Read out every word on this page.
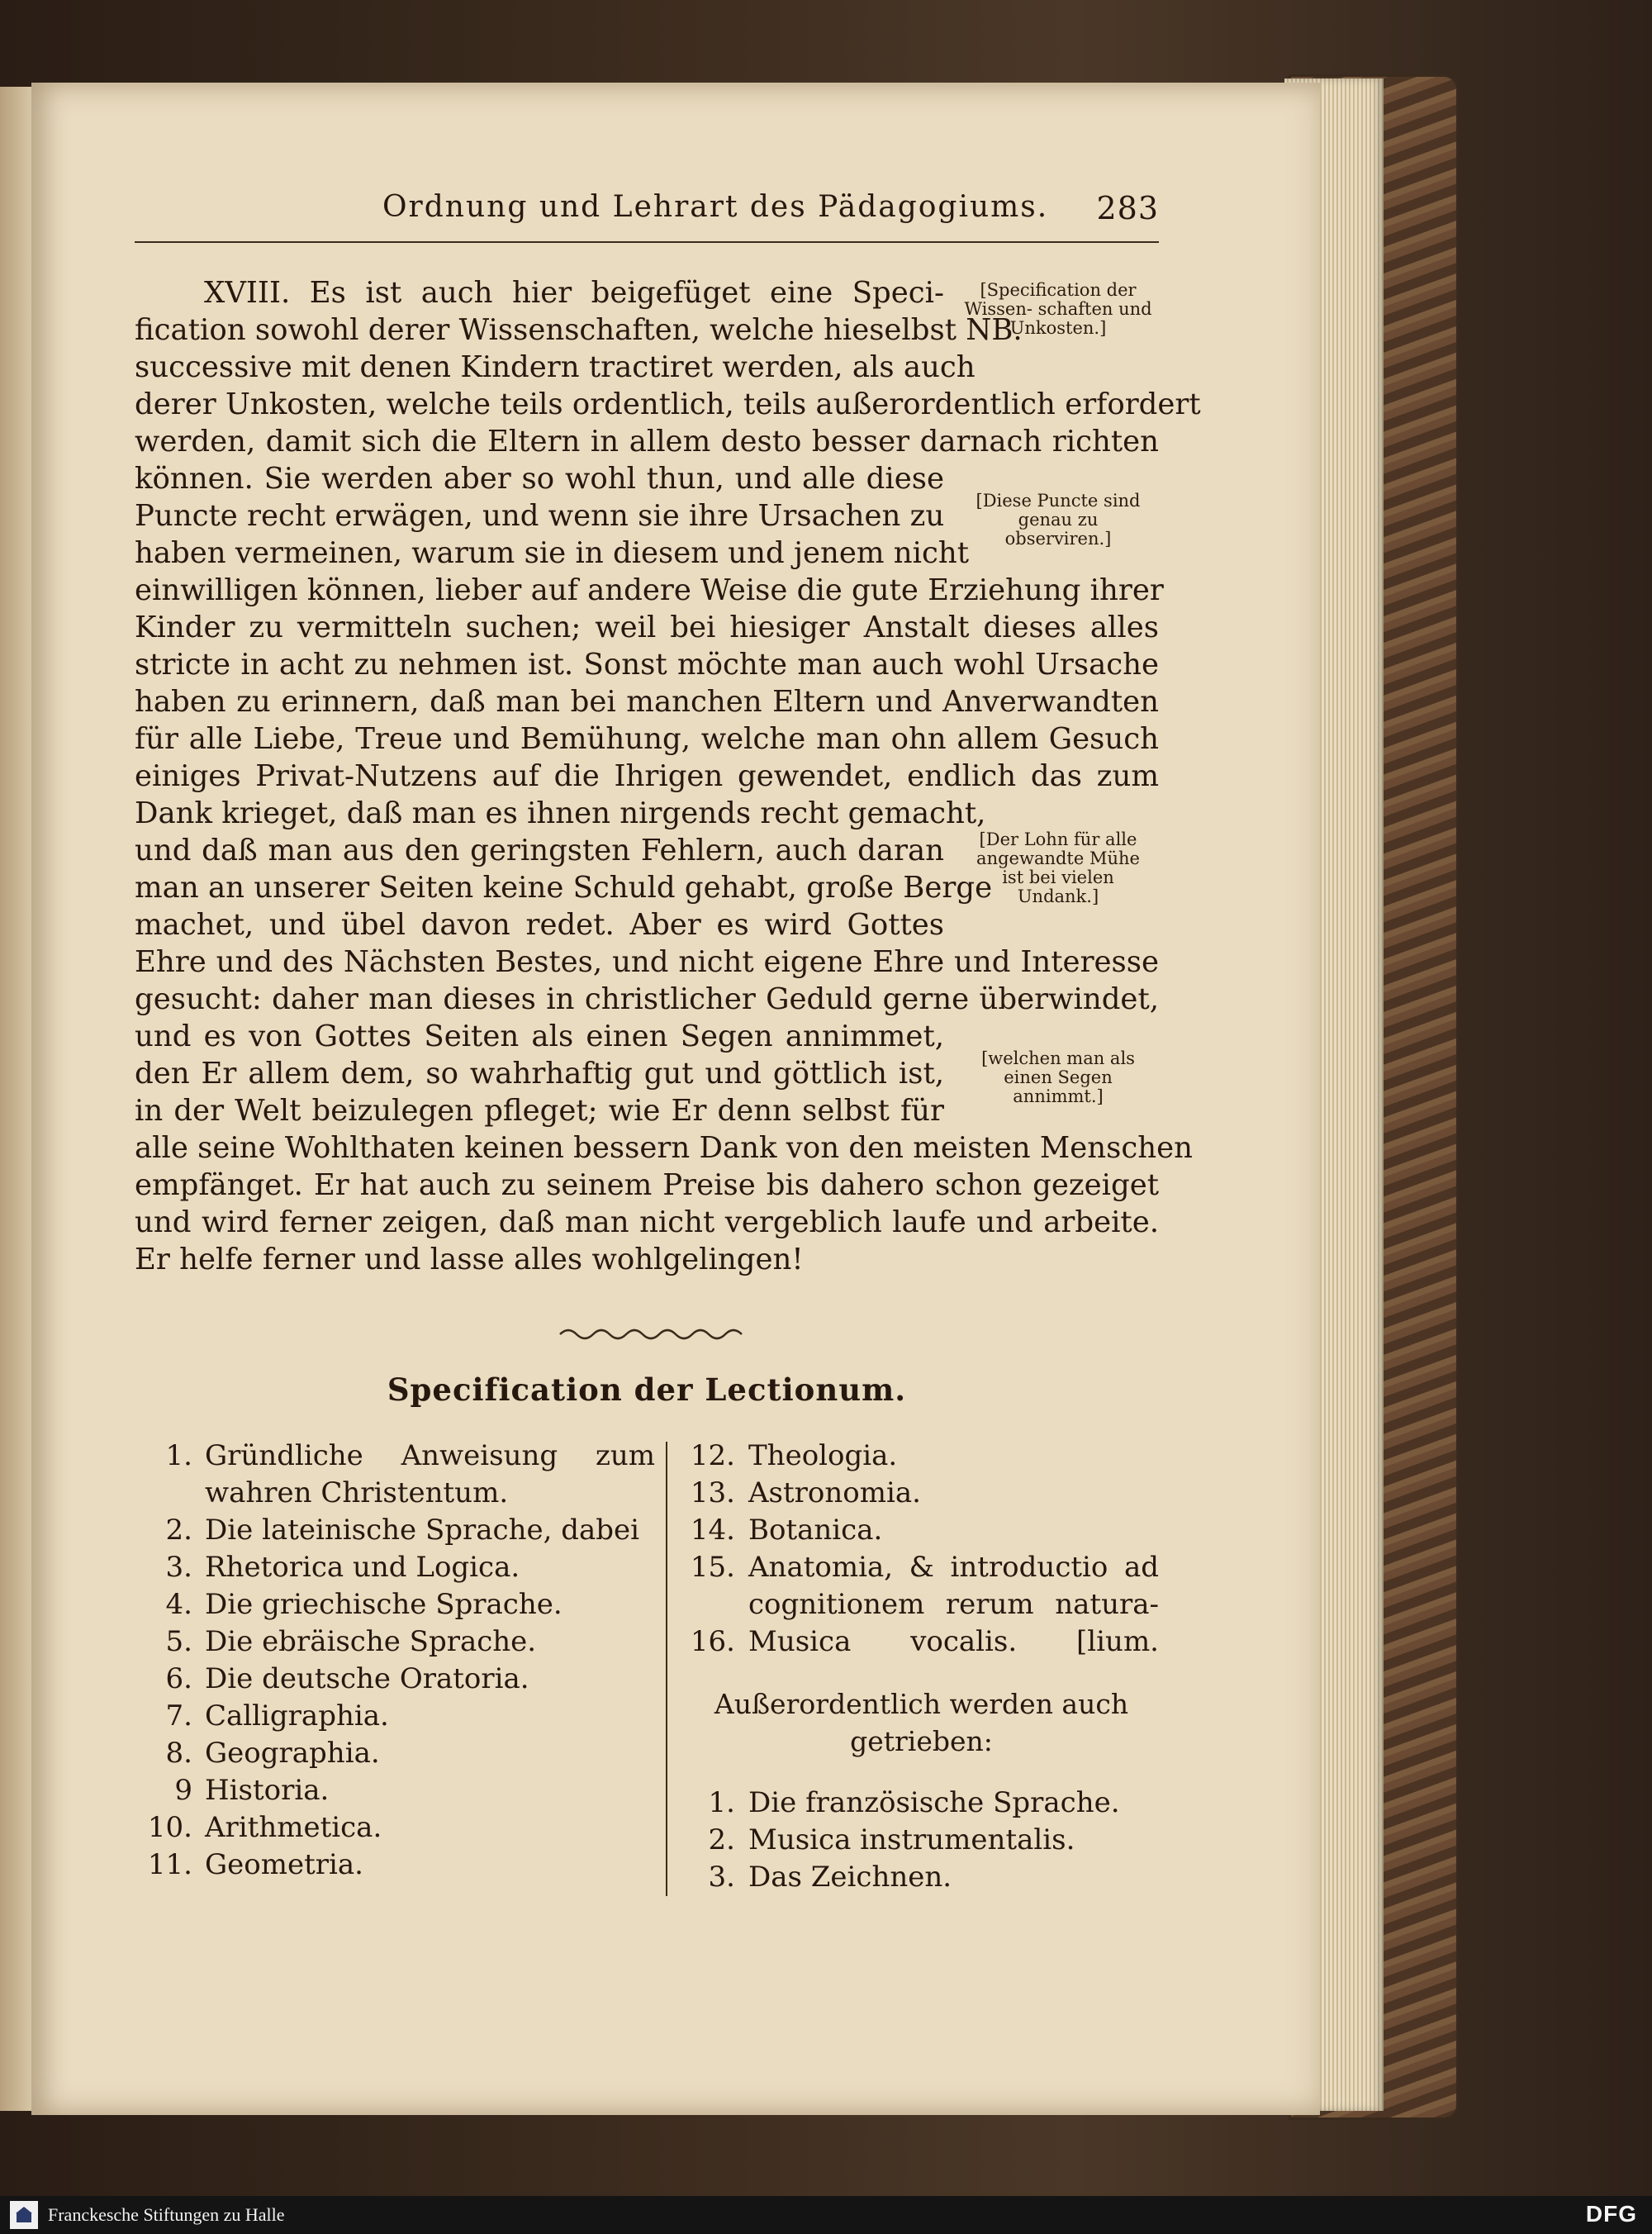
Ordnung und Lehrart des Pädagogiums. 283
XVIII. Es ist auch hier beigefüget eine Speci-
fication sowohl derer Wissenschaften, welche hieselbst NB.
successive mit denen Kindern tractiret werden, als auch
derer Unkosten, welche teils ordentlich, teils außerordentlich erfordert
werden, damit sich die Eltern in allem desto besser darnach richten
können. Sie werden aber so wohl thun, und alle diese
Puncte recht erwägen, und wenn sie ihre Ursachen zu
haben vermeinen, warum sie in diesem und jenem nicht
einwilligen können, lieber auf andere Weise die gute Erziehung ihrer
Kinder zu vermitteln suchen; weil bei hiesiger Anstalt dieses alles
stricte in acht zu nehmen ist. Sonst möchte man auch wohl Ursache
haben zu erinnern, daß man bei manchen Eltern und Anverwandten
für alle Liebe, Treue und Bemühung, welche man ohn allem Gesuch
einiges Privat-Nutzens auf die Ihrigen gewendet, endlich das zum
Dank krieget, daß man es ihnen nirgends recht gemacht,
und daß man aus den geringsten Fehlern, auch daran
man an unserer Seiten keine Schuld gehabt, große Berge
machet, und übel davon redet. Aber es wird Gottes
Ehre und des Nächsten Bestes, und nicht eigene Ehre und Interesse
gesucht: daher man dieses in christlicher Geduld gerne überwindet,
und es von Gottes Seiten als einen Segen annimmet,
den Er allem dem, so wahrhaftig gut und göttlich ist,
in der Welt beizulegen pfleget; wie Er denn selbst für
alle seine Wohlthaten keinen bessern Dank von den meisten Menschen
empfänget. Er hat auch zu seinem Preise bis dahero schon gezeiget
und wird ferner zeigen, daß man nicht vergeblich laufe und arbeite.
Er helfe ferner und lasse alles wohlgelingen!
[Specification der Wissen- schaften und Unkosten.]
[Diese Puncte sind genau zu observiren.]
[Der Lohn für alle angewandte Mühe ist bei vielen Undank.]
[welchen man als einen Segen annimmt.]
Specification der Lectionum.
1. Gründliche Anweisung zum
wahren Christentum.
2. Die lateinische Sprache, dabei
3. Rhetorica und Logica.
4. Die griechische Sprache.
5. Die ebräische Sprache.
6. Die deutsche Oratoria.
7. Calligraphia.
8. Geographia.
9 Historia.
10. Arithmetica.
11. Geometria.
12. Theologia.
13. Astronomia.
14. Botanica.
15. Anatomia, & introductio ad
cognitionem rerum natura-
16. Musica vocalis. [lium.
Außerordentlich werden auch
getrieben:
1. Die französische Sprache.
2. Musica instrumentalis.
3. Das Zeichnen.
Franckesche Stiftungen zu Halle	DFG
